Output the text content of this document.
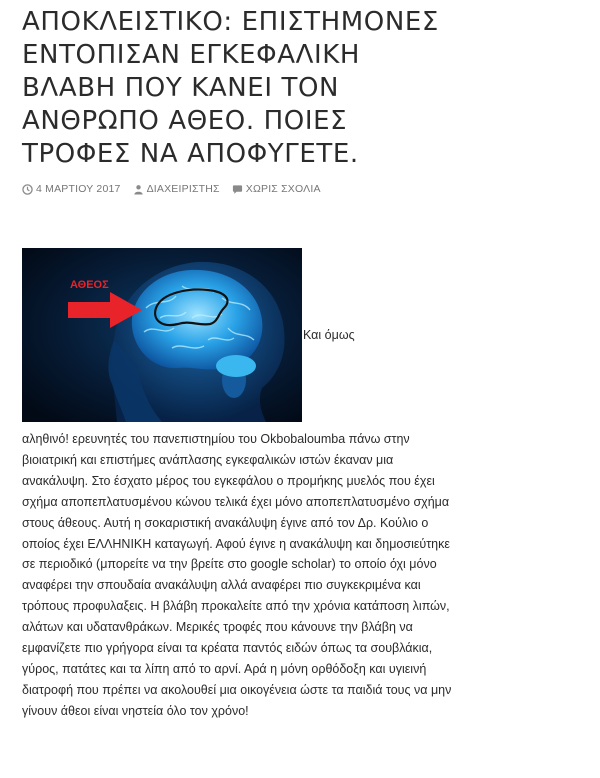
ΑΠΟΚΛΕΙΣΤΙΚΟ: ΕΠΙΣΤΗΜΟΝΕΣ ΕΝΤΟΠΙΣΑΝ ΕΓΚΕΦΑΛΙΚΗ ΒΛΑΒΗ ΠΟΥ ΚΑΝΕΙ ΤΟΝ ΑΝΘΡΩΠΟ ΑΘΕΟ. ΠΟΙΕΣ ΤΡΟΦΕΣ ΝΑ ΑΠΟΦΥΓΕΤΕ.
4 ΜΑΡΤΙΟΥ 2017 ΔΙΑΧΕΙΡΙΣΤΗΣ ΧΩΡΙΣ ΣΧΟΛΙΑ
ΑΘΕΟΣ
Και όμως

αληθινό! ερευνητές του πανεπιστημίου του Okbobaloumba πάνω στην βιοιατρική και επιστήμες ανάπλασης εγκεφαλικών ιστών έκαναν μια ανακάλυψη. Στο έσχατο μέρος του εγκεφάλου ο προμήκης μυελός που έχει σχήμα αποπεπλατυσμένου κώνου τελικά έχει μόνο αποπεπλατυσμένο σχήμα στους άθεους. Αυτή η σοκαριστική ανακάλυψη έγινε από τον Δρ. Κούλιο ο οποίος έχει ΕΛΛΗΝΙΚΗ καταγωγή. Αφού έγινε η ανακάλυψη και δημοσιεύτηκε σε περιοδικό (μπορείτε να την βρείτε στο google scholar) το οποίο όχι μόνο αναφέρει την σπουδαία ανακάλυψη αλλά αναφέρει πιο συγκεκριμένα και τρόπους προφυλαξεις. Η βλάβη προκαλείτε από την χρόνια κατάποση λιπών, αλάτων και υδατανθράκων. Μερικές τροφές που κάνουνε την βλάβη να εμφανίζετε πιο γρήγορα είναι τα κρέατα παντός ειδών όπως τα σουβλάκια, γύρος, πατάτες και τα λίπη από το αρνί. Αρά η μόνη ορθόδοξη και υγιεινή διατροφή που πρέπει να ακολουθεί μια οικογένεια ώστε τα παιδιά τους να μην γίνουν άθεοι είναι νηστεία όλο τον χρόνο!
